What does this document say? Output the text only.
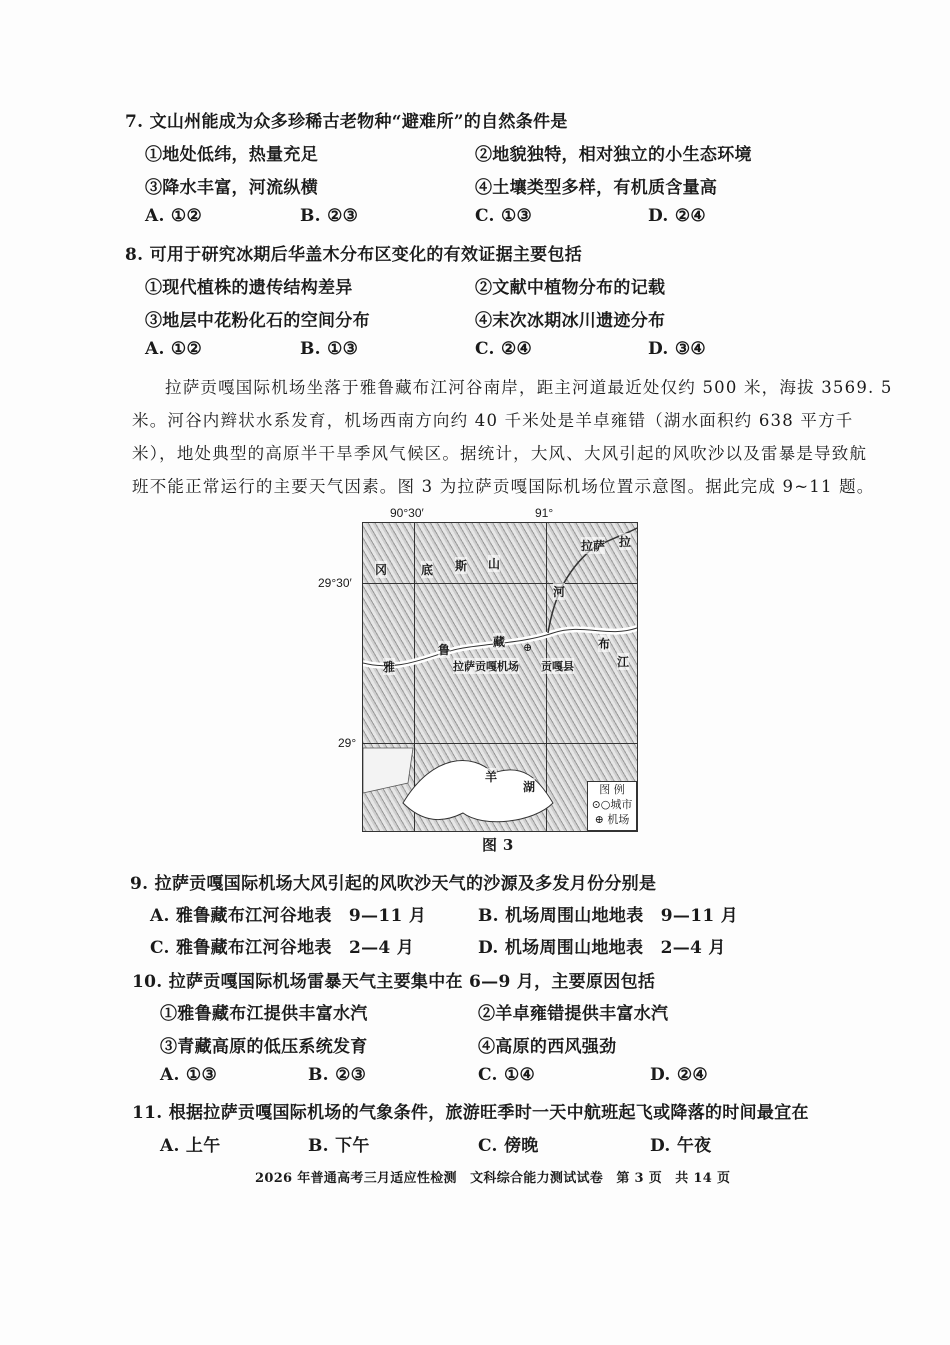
7. 文山州能成为众多珍稀古老物种“避难所”的自然条件是
①地处低纬，热量充足	②地貌独特，相对独立的小生态环境
③降水丰富，河流纵横	④土壤类型多样，有机质含量高
A. ①②	B. ②③	C. ①③	D. ②④
8. 可用于研究冰期后华盖木分布区变化的有效证据主要包括
①现代植株的遗传结构差异	②文献中植物分布的记载
③地层中花粉化石的空间分布	④末次冰期冰川遗迹分布
A. ①②	B. ①③	C. ②④	D. ③④
拉萨贡嘎国际机场坐落于雅鲁藏布江河谷南岸，距主河道最近处仅约 500 米，海拔 3569. 5
米。河谷内辫状水系发育，机场西南方向约 40 千米处是羊卓雍错（湖水面积约 638 平方千
米），地处典型的高原半干旱季风气候区。据统计，大风、大风引起的风吹沙以及雷暴是导致航
班不能正常运行的主要天气因素。图 3 为拉萨贡嘎国际机场位置示意图。据此完成 9~11 题。
90°30′	91°
29°30′
29°
冈	底 斯 山
拉萨 拉
河
雅
鲁
藏	布
江
⊕
拉萨贡嘎机场 贡嘎县
羊
湖	图 例
⊙○城市
⊕ 机场
图 3
9. 拉萨贡嘎国际机场大风引起的风吹沙天气的沙源及多发月份分别是
A. 雅鲁藏布江河谷地表　9—11 月	B. 机场周围山地地表　9—11 月
C. 雅鲁藏布江河谷地表　2—4 月	D. 机场周围山地地表　2—4 月
10. 拉萨贡嘎国际机场雷暴天气主要集中在 6—9 月，主要原因包括
①雅鲁藏布江提供丰富水汽	②羊卓雍错提供丰富水汽
③青藏高原的低压系统发育	④高原的西风强劲
A. ①③	B. ②③	C. ①④	D. ②④
11. 根据拉萨贡嘎国际机场的气象条件，旅游旺季时一天中航班起飞或降落的时间最宜在
A. 上午	B. 下午	C. 傍晚	D. 午夜
2026 年普通高考三月适应性检测　文科综合能力测试试卷　第 3 页　共 14 页
